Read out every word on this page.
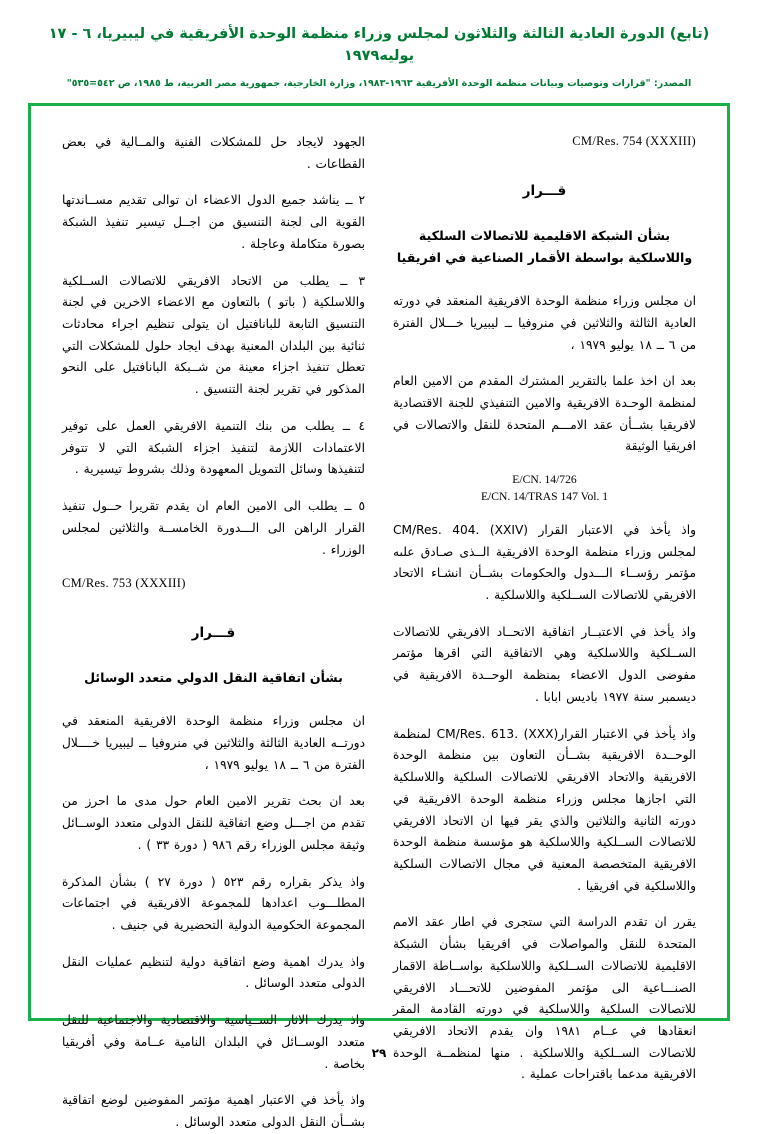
(تابع) الدورة العادية الثالثة والثلاثون لمجلس وزراء منظمة الوحدة الأفريقية في ليبيريا، ٦ - ١٧ يوليه١٩٧٩
المصدر: "قرارات وتوصيات وبيانات منظمة الوحدة الأفريقية ١٩٦٣-١٩٨٣، وزارة الخارجية، جمهورية مصر العربية، ط ١٩٨٥، ص ٥٤٢=٥٣٥"
CM/Res. 754 (XXXIII)
قـــرار
بشأن الشبكة الاقليمية للاتصالات السلكية واللاسلكية بواسطة الأقمار الصناعية في افريقيا

ان مجلس وزراء منظمة الوحدة الافريقية المنعقد في دورته العادية الثالثة والثلاثين في منروفيا ــ ليبيريا خـــلال الفترة من ٦ ــ ١٨ يوليو ١٩٧٩ ،

بعد ان اخذ علما بالتقرير المشترك المقدم من الامين العام لمنظمة الوحـدة الافريقية والامين التنفيذي للجنة الاقتصادية لافريقيا بشــأن عقد الامـــم المتحدة للنقل والاتصالات في افريقيا الوثيقة

E/CN. 14/726

E/CN. 14/TRAS 147 Vol. 1

واذ يأخذ في الاعتبار القرار (XXIV) .CM/Res. 404 لمجلس وزراء منظمة الوحدة الافريقية الــذى صـادق علىه مؤتمر رؤســاء الـــدول والحكومات بشــأن انشـاء الاتحاد الافريقي للاتصالات الســلكية واللاسلكية .

واذ يأخذ في الاعتبــار اتفاقية الاتحــاد الافريقي للاتصالات الســلكية واللاسلكية وهي الاتفاقية التي اقرها مؤتمر مفوضى الدول الاعضاء بمنظمة الوحــدة الافريقية في ديسمبر سنة ١٩٧٧ باديس ابابا .

واذ يأخذ في الاعتبار القرار(XXX) .CM/Res. 613 لمنظمة الوحــدة الافريقية بشــأن التعاون بين منظمة الوحدة الافريقية والاتحاد الافريقي للاتصالات السلكية واللاسلكية التي اجازها مجلس وزراء منظمة الوحدة الافريقية في دورته الثانية والثلاثين والذي يقر فيها ان الاتحاد الافريقي للاتصالات الســلكية واللاسلكية هو مؤسسة منظمة الوحدة الافريقية المتخصصة المعنية في مجال الاتصالات السلكية واللاسلكية في افريقيا .

يقرر ان تقدم الدراسة التي ستجرى في اطار عقد الامم المتحدة للنقل والمواصلات في افريقيا بشأن الشبكة الاقليمية للاتصالات الســلكية واللاسلكية بواســاطة الاقمار الصنـــاعية الى مؤتمر المفوضين للاتحـــاد الافريقي للاتصالات السلكية واللاسلكية في دورته القادمة المقر انعقادها في عــام ١٩٨١ وان يقدم الاتحاد الافريقي للاتصالات الســلكية واللاسلكية . منها لمنظمــة الوحدة الافريقية مدعما باقتراحات عملية .

الجهود لايجاد حل للمشكلات الفنية والمــالية في بعض القطاعات .

٢ ــ يناشد جميع الدول الاعضاء ان توالى تقديم مســاندتها القوية الى لجنة التنسيق من اجــل تيسير تنفيذ الشبكة بصورة متكاملة وعاجلة .

٣ ــ يطلب من الاتحاد الافريقي للاتصالات الســلكية واللاسلكية ( باتو ) بالتعاون مع الاعضاء الاخرين في لجنة التنسيق التابعة للبانافتيل ان يتولى تنظيم اجراء محادثات ثنائية بين البلدان المعنية بهدف ايجاد حلول للمشكلات التي تعطل تنفيذ اجزاء معينة من شــبكة البانافتيل على النحو المذكور في تقرير لجنة التنسيق .

٤ ــ يطلب من بنك التنمية الافريقي العمل على توفير الاعتمادات اللازمة لتنفيذ اجزاء الشبكة التي لا تتوفر لتنفيذها وسائل التمويل المعهودة وذلك بشروط تيسيرية .

٥ ــ يطلب الى الامين العام ان يقدم تقريرا حــول تنفيذ القرار الراهن الى الـــدورة الخامســة والثلاثين لمجلس الوزراء .

CM/Res. 753 (XXXIII)
قـــرار
بشأن اتفاقية النقل الدولي متعدد الوسائل

ان مجلس وزراء منظمة الوحدة الافريقية المنعقد في دورتــه العادية الثالثة والثلاثين في منروفيا ــ ليبيريا خــــلال الفترة من ٦ ــ ١٨ يوليو ١٩٧٩ ،

بعد ان بحث تقرير الامين العام حول مدى ما احرز من تقدم من اجـــل وضع اتفاقية للنقل الدولى متعدد الوســائل وثيقة مجلس الوزراء رقم ٩٨٦ ( دورة ٣٣ ) .

واذ يذكر بقراره رقم ٥٢٣ ( دورة ٢٧ ) بشأن المذكرة المطلـــوب اعدادها للمجموعة الافريقية في اجتماعات المجموعة الحكومية الدولية التحضيرية في جنيف .

واذ يدرك اهمية وضع اتفاقية دولية لتنظيم عمليات النقل الدولى متعدد الوسائل .

واذ يدرك الاثار الســياسية والاقتصادية والاجتماعية للنقل متعدد الوســائل في البلدان النامية عــامة وفي أفريقيا بخاصة .

واذ يأخذ في الاعتبار اهمية مؤتمر المفوضين لوضع اتفاقية بشــأن النقل الدولى متعدد الوسائل .

٢٩
